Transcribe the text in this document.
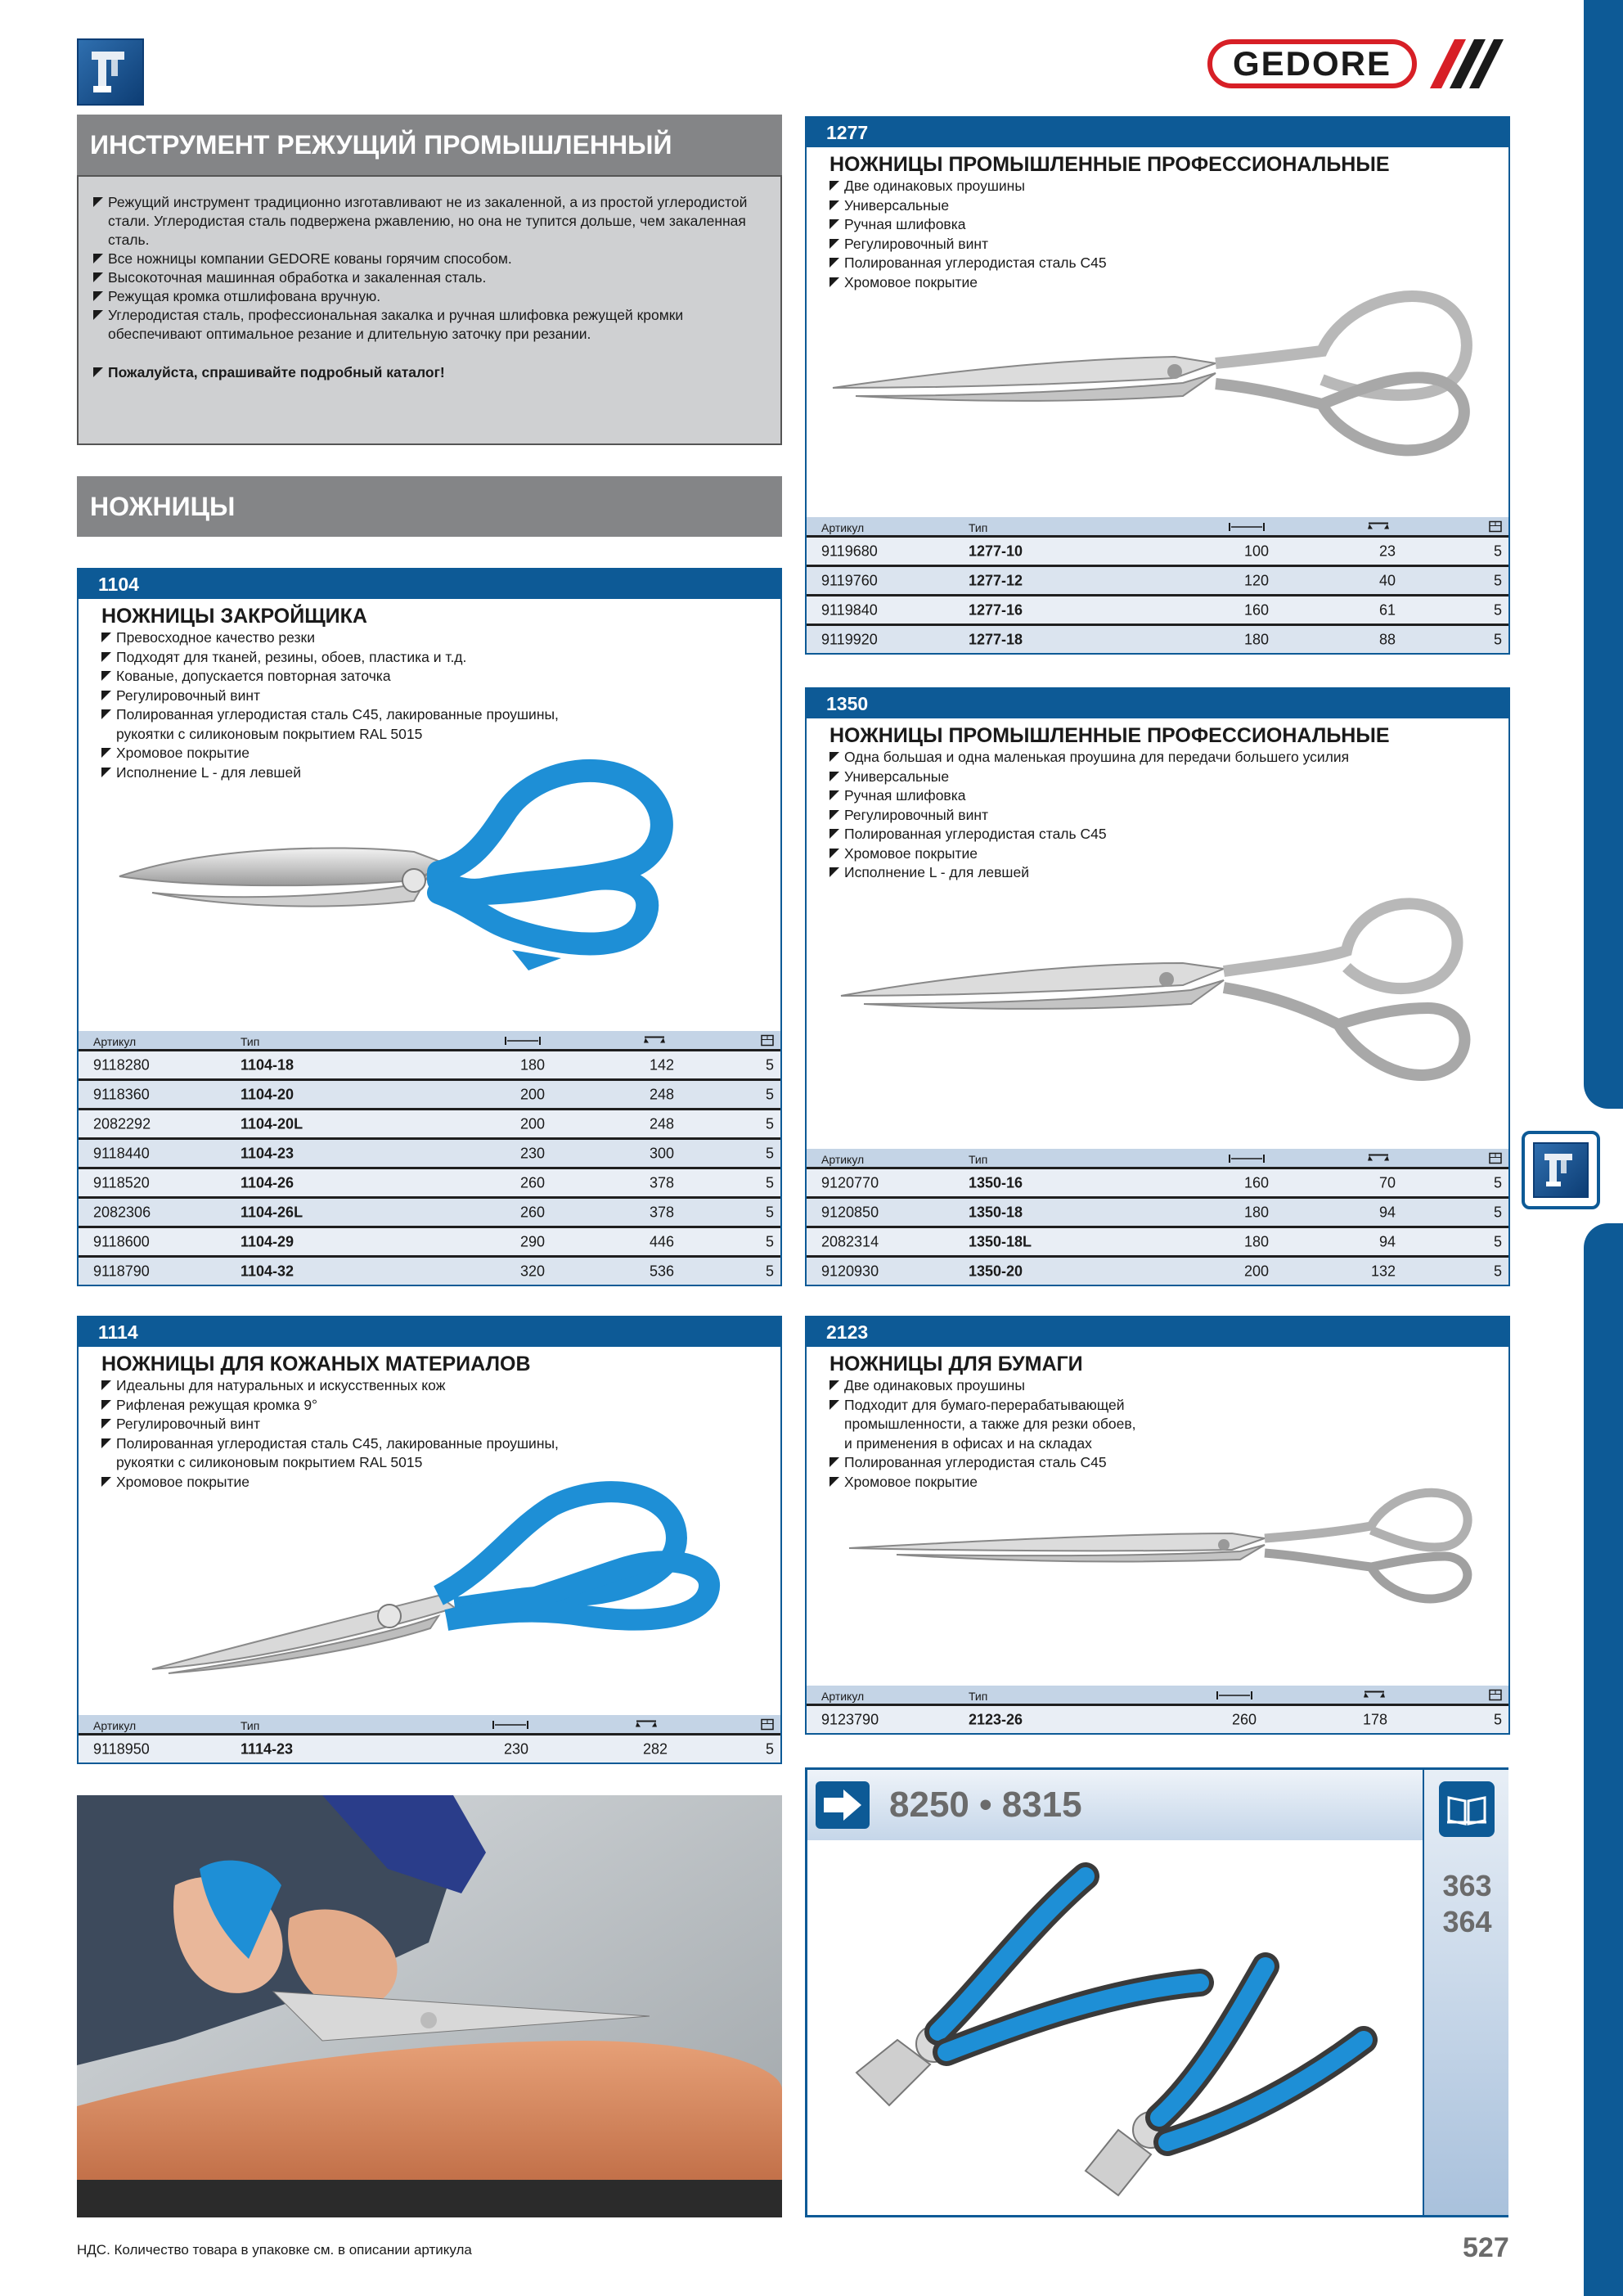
GEDORE
ИНСТРУМЕНТ РЕЖУЩИЙ ПРОМЫШЛЕННЫЙ
Режущий инструмент традиционно изготавливают не из закаленной, а из простой углеродистой стали. Углеродистая сталь подвержена ржавлению, но она не тупится дольше, чем закаленная сталь.
Все ножницы компании GEDORE кованы горячим способом.
Высокоточная машинная обработка и закаленная сталь.
Режущая кромка отшлифована вручную.
Углеродистая сталь, профессиональная закалка и ручная шлифовка режущей кромки обеспечивают оптимальное резание и длительную заточку при резании.
Пожалуйста, спрашивайте подробный каталог!
НОЖНИЦЫ
1104
НОЖНИЦЫ ЗАКРОЙЩИКА
Превосходное качество резки
Подходят для тканей, резины, обоев, пластика и т.д.
Кованые, допускается повторная заточка
Регулировочный винт
Полированная углеродистая сталь С45, лакированные проушины, рукоятки с силиконовым покрытием RAL 5015
Хромовое покрытие
Исполнение L - для левшей
Артикул	Тип
9118280	1104-18	180	142	5
9118360	1104-20	200	248	5
2082292	1104-20L	200	248	5
9118440	1104-23	230	300	5
9118520	1104-26	260	378	5
2082306	1104-26L	260	378	5
9118600	1104-29	290	446	5
9118790	1104-32	320	536	5
1114
НОЖНИЦЫ ДЛЯ КОЖАНЫХ МАТЕРИАЛОВ
Идеальны для натуральных и искусственных кож
Рифленая режущая кромка 9°
Регулировочный винт
Полированная углеродистая сталь С45, лакированные проушины, рукоятки с силиконовым покрытием RAL 5015
Хромовое покрытие
Артикул	Тип
9118950	1114-23	230	282	5
1277
НОЖНИЦЫ ПРОМЫШЛЕННЫЕ ПРОФЕССИОНАЛЬНЫЕ
Две одинаковых проушины
Универсальные
Ручная шлифовка
Регулировочный винт
Полированная углеродистая сталь С45
Хромовое покрытие
Артикул	Тип
9119680	1277-10	100	23	5
9119760	1277-12	120	40	5
9119840	1277-16	160	61	5
9119920	1277-18	180	88	5
1350
НОЖНИЦЫ ПРОМЫШЛЕННЫЕ ПРОФЕССИОНАЛЬНЫЕ
Одна большая и одна маленькая проушина для передачи большего усилия
Универсальные
Ручная шлифовка
Регулировочный винт
Полированная углеродистая сталь С45
Хромовое покрытие
Исполнение L - для левшей
Артикул	Тип
9120770	1350-16	160	70	5
9120850	1350-18	180	94	5
2082314	1350-18L	180	94	5
9120930	1350-20	200	132	5
2123
НОЖНИЦЫ ДЛЯ БУМАГИ
Две одинаковых проушины
Подходит для бумаго-перерабатывающей промышленности, а также для резки обоев, и применения в офисах и на складах
Полированная углеродистая сталь С45
Хромовое покрытие
Артикул	Тип
9123790	2123-26	260	178	5
8250 • 8315
363
364
НДС. Количество товара в упаковке см. в описании артикула	527
